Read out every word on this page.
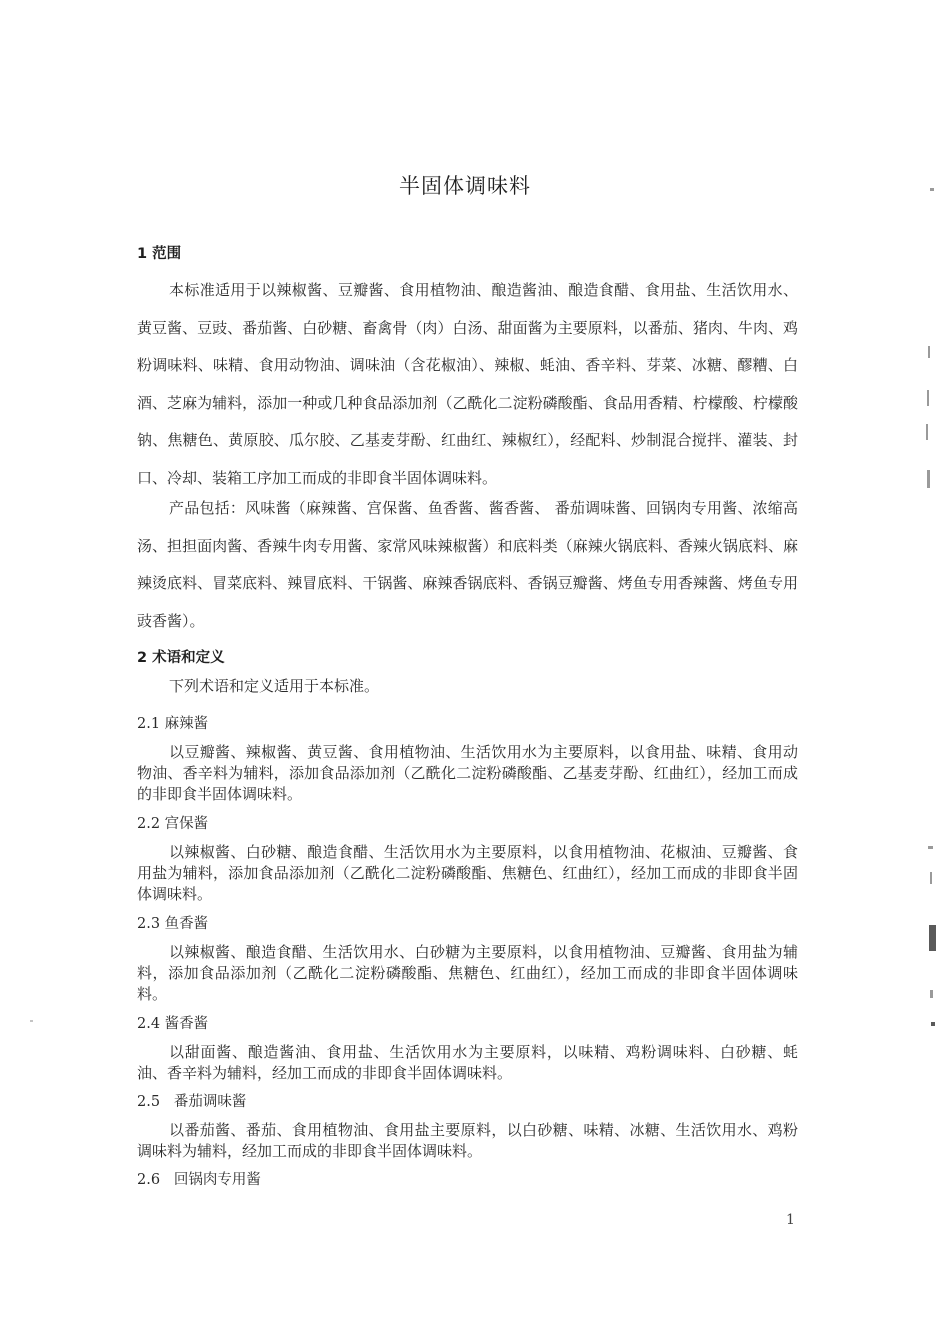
半固体调味料
1 范围
本标准适用于以辣椒酱、豆瓣酱、食用植物油、酿造酱油、酿造食醋、食用盐、生活饮用水、黄豆酱、豆豉、番茄酱、白砂糖、畜禽骨（肉）白汤、甜面酱为主要原料，以番茄、猪肉、牛肉、鸡粉调味料、味精、食用动物油、调味油（含花椒油）、辣椒、蚝油、香辛料、芽菜、冰糖、醪糟、白酒、芝麻为辅料，添加一种或几种食品添加剂（乙酰化二淀粉磷酸酯、食品用香精、柠檬酸、柠檬酸钠、焦糖色、黄原胶、瓜尔胶、乙基麦芽酚、红曲红、辣椒红），经配料、炒制混合搅拌、灌装、封口、冷却、装箱工序加工而成的非即食半固体调味料。
产品包括：风味酱（麻辣酱、宫保酱、鱼香酱、酱香酱、 番茄调味酱、回锅肉专用酱、浓缩高汤、担担面肉酱、香辣牛肉专用酱、家常风味辣椒酱）和底料类（麻辣火锅底料、香辣火锅底料、麻辣烫底料、冒菜底料、辣冒底料、干锅酱、麻辣香锅底料、香锅豆瓣酱、烤鱼专用香辣酱、烤鱼专用豉香酱）。
2 术语和定义
下列术语和定义适用于本标准。
2.1 麻辣酱
以豆瓣酱、辣椒酱、黄豆酱、食用植物油、生活饮用水为主要原料，以食用盐、味精、食用动物油、香辛料为辅料，添加食品添加剂（乙酰化二淀粉磷酸酯、乙基麦芽酚、红曲红），经加工而成的非即食半固体调味料。
2.2 宫保酱
以辣椒酱、白砂糖、酿造食醋、生活饮用水为主要原料，以食用植物油、花椒油、豆瓣酱、食用盐为辅料，添加食品添加剂（乙酰化二淀粉磷酸酯、焦糖色、红曲红），经加工而成的非即食半固体调味料。
2.3 鱼香酱
以辣椒酱、酿造食醋、生活饮用水、白砂糖为主要原料，以食用植物油、豆瓣酱、食用盐为辅料，添加食品添加剂（乙酰化二淀粉磷酸酯、焦糖色、红曲红），经加工而成的非即食半固体调味料。
2.4 酱香酱
以甜面酱、酿造酱油、食用盐、生活饮用水为主要原料，以味精、鸡粉调味料、白砂糖、蚝油、香辛料为辅料，经加工而成的非即食半固体调味料。
2.5 番茄调味酱
以番茄酱、番茄、食用植物油、食用盐主要原料，以白砂糖、味精、冰糖、生活饮用水、鸡粉调味料为辅料，经加工而成的非即食半固体调味料。
2.6 回锅肉专用酱
1
